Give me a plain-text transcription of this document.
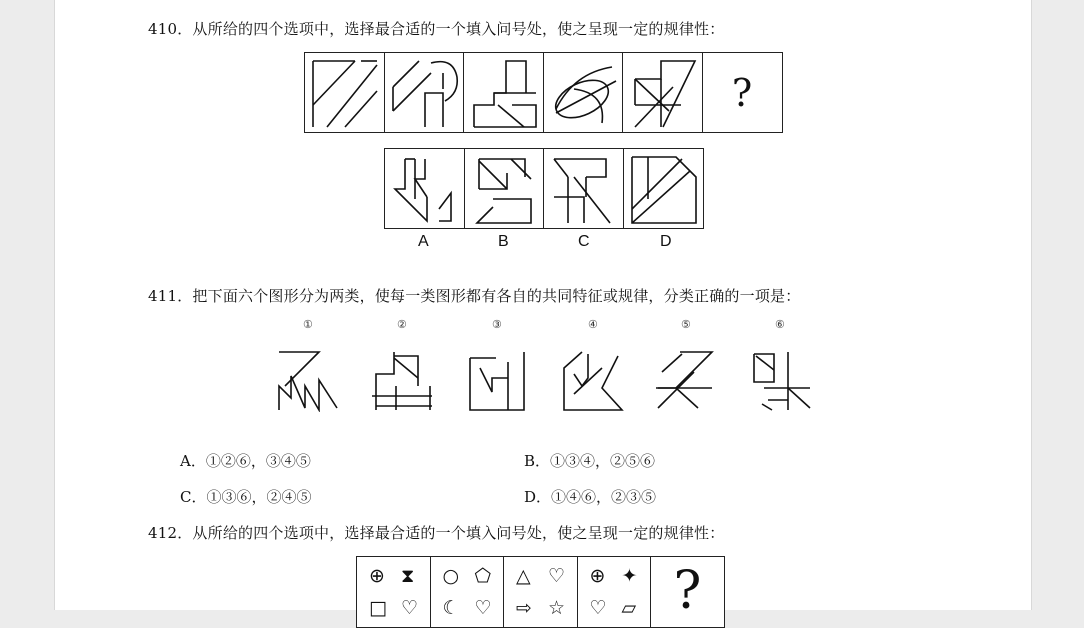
410．从所给的四个选项中，选择最合适的一个填入问号处，使之呈现一定的规律性：
?
A	B	C	D
411．把下面六个图形分为两类，使每一类图形都有各自的共同特征或规律，分类正确的一项是：
①	②	③	④	⑤	⑥
A．①②⑥，③④⑤	B．①③④，②⑤⑥
C．①③⑥，②④⑤	D．①④⑥，②③⑤
412．从所给的四个选项中，选择最合适的一个填入问号处，使之呈现一定的规律性：
⊕ ⧗
□ ♡
○ ⬠
☾ ♡
△ ♡
⇨ ☆
⊕ ✦
♡ ▱ ?
